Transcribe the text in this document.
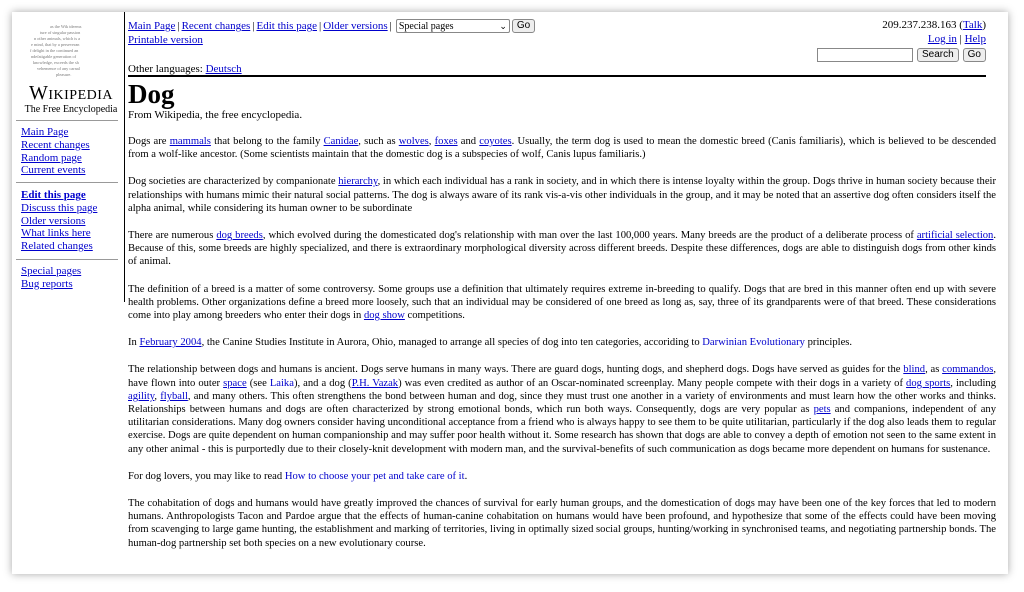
as the Wik tdeems
ture of singular passion
n other animals, which is a
e mind, that by a perseveran
f delight in the continued an
ndefatigable generation of
knowledge, exceeds the sh
vehemence of any carnal
pleasure.
Wikipedia
The Free Encyclopedia
Main Page
Recent changes
Random page
Current events
Edit this page
Discuss this page
Older versions
What links here
Related changes
Special pages
Bug reports
Main Page | Recent changes | Edit this page | Older versions | Special pages	⌄ Go
Printable version
209.237.238.163 (Talk)
Log in | Help
Search Go
Other languages: Deutsch
Dog
From Wikipedia, the free encyclopedia.

Dogs are mammals that belong to the family Canidae, such as wolves, foxes and coyotes. Usually, the term dog is used to mean the domestic breed (Canis familiaris), which is believed to be descended from a wolf-like ancestor. (Some scientists maintain that the domestic dog is a subspecies of wolf, Canis lupus familiaris.)

Dog societies are characterized by companionate hierarchy, in which each individual has a rank in society, and in which there is intense loyalty within the group. Dogs thrive in human society because their relationships with humans mimic their natural social patterns. The dog is always aware of its rank vis-a-vis other individuals in the group, and it may be noted that an assertive dog often considers itself the alpha animal, while considering its human owner to be subordinate

There are numerous dog breeds, which evolved during the domesticated dog's relationship with man over the last 100,000 years. Many breeds are the product of a deliberate process of artificial selection. Because of this, some breeds are highly specialized, and there is extraordinary morphological diversity across different breeds. Despite these differences, dogs are able to distinguish dogs from other kinds of animal.

The definition of a breed is a matter of some controversy. Some groups use a definition that ultimately requires extreme in-breeding to qualify. Dogs that are bred in this manner often end up with severe health problems. Other organizations define a breed more loosely, such that an individual may be considered of one breed as long as, say, three of its grandparents were of that breed. These considerations come into play among breeders who enter their dogs in dog show competitions.

In February 2004, the Canine Studies Institute in Aurora, Ohio, managed to arrange all species of dog into ten categories, accoriding to Darwinian Evolutionary principles.

The relationship between dogs and humans is ancient. Dogs serve humans in many ways. There are guard dogs, hunting dogs, and shepherd dogs. Dogs have served as guides for the blind, as commandos, have flown into outer space (see Laika), and a dog (P.H. Vazak) was even credited as author of an Oscar-nominated screenplay. Many people compete with their dogs in a variety of dog sports, including agility, flyball, and many others. This often strengthens the bond between human and dog, since they must trust one another in a variety of environments and must learn how the other works and thinks. Relationships between humans and dogs are often characterized by strong emotional bonds, which run both ways. Consequently, dogs are very popular as pets and companions, independent of any utilitarian considerations. Many dog owners consider having unconditional acceptance from a friend who is always happy to see them to be quite utilitarian, particularly if the dog also leads them to regular exercise. Dogs are quite dependent on human companionship and may suffer poor health without it. Some research has shown that dogs are able to convey a depth of emotion not seen to the same extent in any other animal - this is purportedly due to their closely-knit development with modern man, and the survival-benefits of such communication as dogs became more dependent on humans for sustenance.

For dog lovers, you may like to read How to choose your pet and take care of it.

The cohabitation of dogs and humans would have greatly improved the chances of survival for early human groups, and the domestication of dogs may have been one of the key forces that led to modern humans. Anthropologists Tacon and Pardoe argue that the effects of human-canine cohabitation on humans would have been profound, and hypothesize that some of the effects could have been moving from scavenging to large game hunting, the establishment and marking of territories, living in optimally sized social groups, hunting/working in synchronised teams, and negotiating partnership bonds. The human-dog partnership set both species on a new evolutionary course.
